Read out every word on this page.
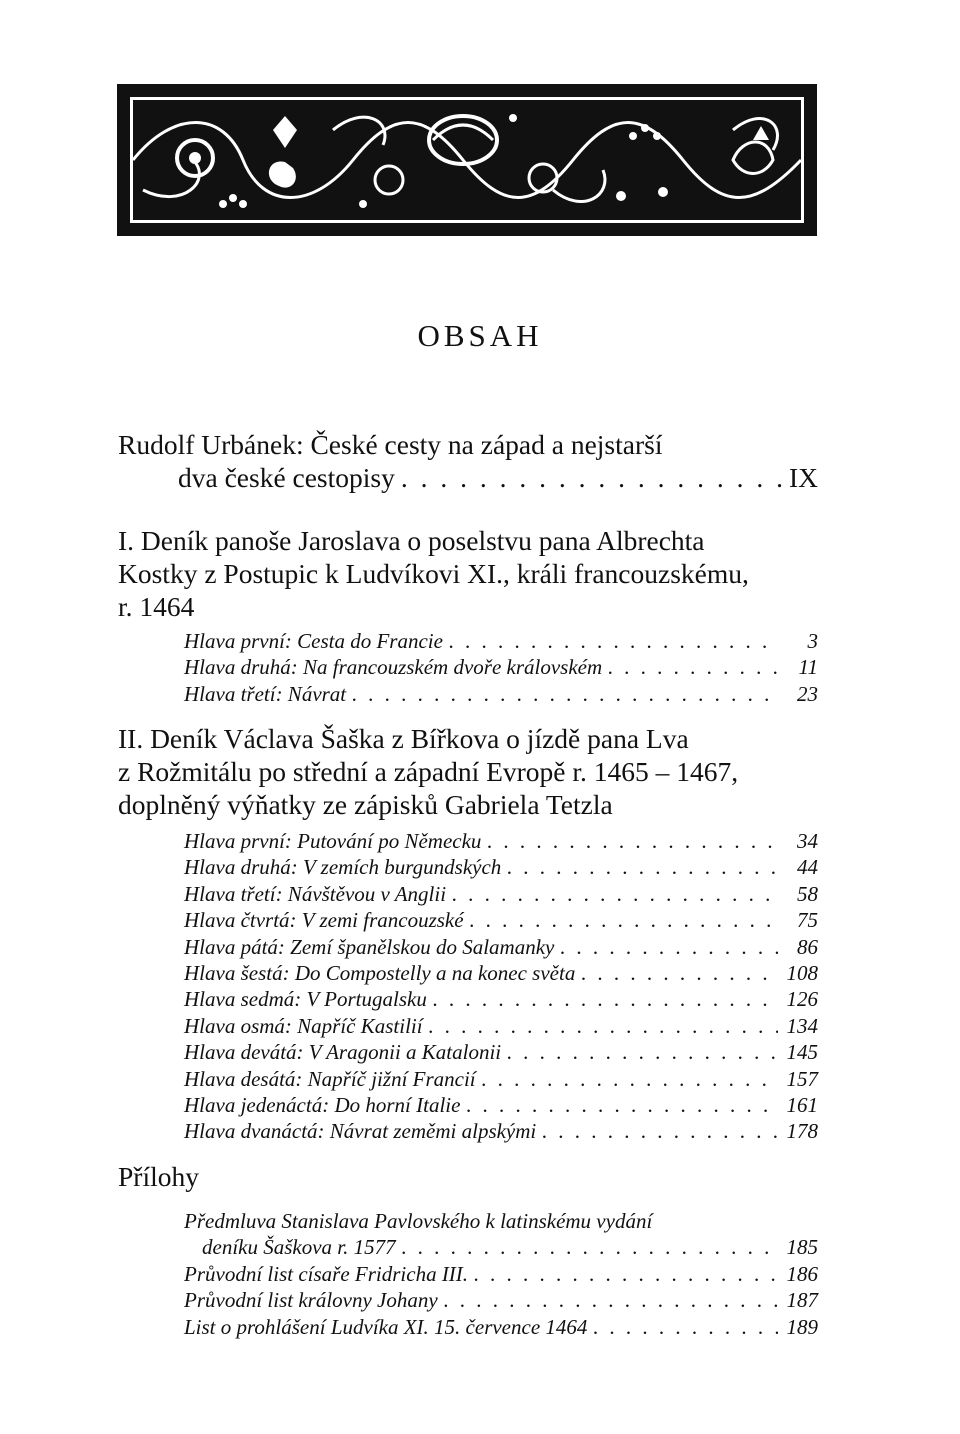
OBSAH
Rudolf Urbánek: České cesty na západ a nejstarší
dva české cestopisy . . .	IX
I. Deník panoše Jaroslava o poselstvu pana Albrechta
Kostky z Postupic k Ludvíkovi XI., králi francouzskému,
r. 1464
Hlava první: Cesta do Francie . . .	3
Hlava druhá: Na francouzském dvoře královském . . .	11
Hlava třetí: Návrat . . .	23
II. Deník Václava Šaška z Bířkova o jízdě pana Lva
z Rožmitálu po střední a západní Evropě r. 1465 – 1467,
doplněný výňatky ze zápisků Gabriela Tetzla
Hlava první: Putování po Německu . . .	34
Hlava druhá: V zemích burgundských . . .	44
Hlava třetí: Návštěvou v Anglii . . .	58
Hlava čtvrtá: V zemi francouzské . . .	75
Hlava pátá: Zemí španělskou do Salamanky . . .	86
Hlava šestá: Do Compostelly a na konec světa . . .	108
Hlava sedmá: V Portugalsku . . .	126
Hlava osmá: Napříč Kastilií . . .	134
Hlava devátá: V Aragonii a Katalonii . . .	145
Hlava desátá: Napříč jižní Francií . . .	157
Hlava jedenáctá: Do horní Italie . . .	161
Hlava dvanáctá: Návrat zeměmi alpskými . . .	178
Přílohy
Předmluva Stanislava Pavlovského k latinskému vydání
deníku Šaškova r. 1577 . . .	185
Průvodní list císaře Fridricha III. . . .	186
Průvodní list královny Johany . . .	187
List o prohlášení Ludvíka XI. 15. července 1464 . . .	189
